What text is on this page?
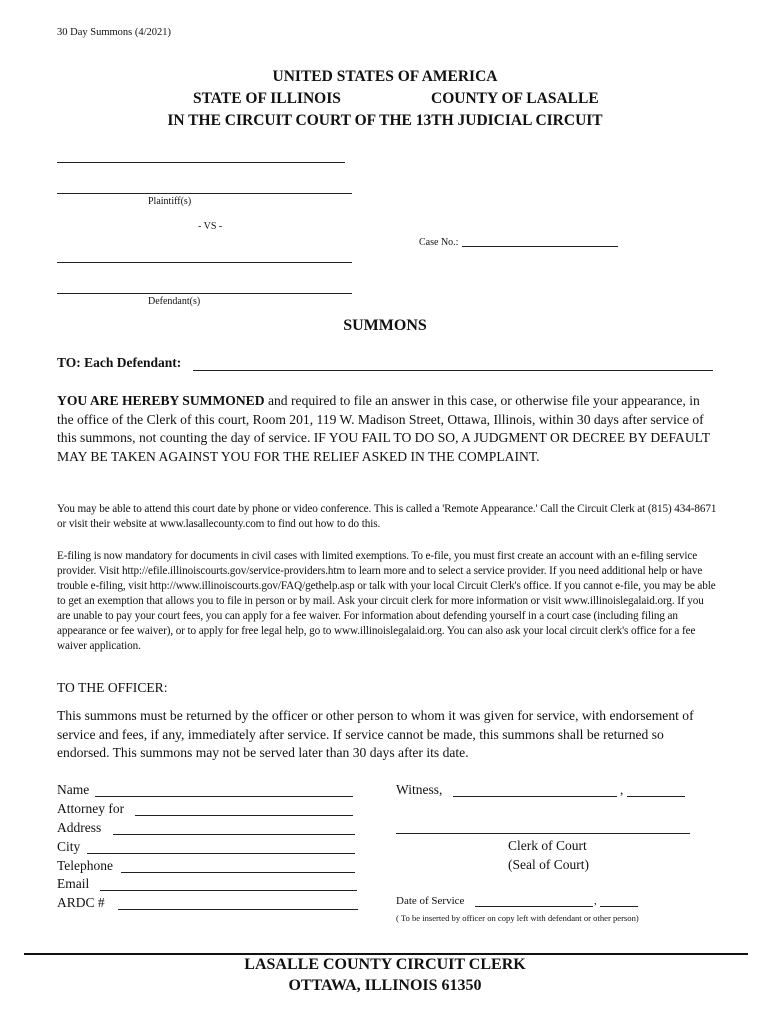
30 Day Summons (4/2021)
UNITED STATES OF AMERICA
STATE OF ILLINOIS	COUNTY OF LASALLE
IN THE CIRCUIT COURT OF THE 13TH JUDICIAL CIRCUIT
Plaintiff(s)
- VS -
Case No.:
Defendant(s)
SUMMONS
TO: Each Defendant:
YOU ARE HEREBY SUMMONED and required to file an answer in this case, or otherwise file your appearance, in the office of the Clerk of this court, Room 201, 119 W. Madison Street, Ottawa, Illinois, within 30 days after service of this summons, not counting the day of service. IF YOU FAIL TO DO SO, A JUDGMENT OR DECREE BY DEFAULT MAY BE TAKEN AGAINST YOU FOR THE RELIEF ASKED IN THE COMPLAINT.
You may be able to attend this court date by phone or video conference. This is called a 'Remote Appearance.' Call the Circuit Clerk at (815) 434-8671 or visit their website at www.lasallecounty.com to find out how to do this.
E-filing is now mandatory for documents in civil cases with limited exemptions. To e-file, you must first create an account with an e-filing service provider. Visit http://efile.illinoiscourts.gov/service-providers.htm to learn more and to select a service provider. If you need additional help or have trouble e-filing, visit http://www.illinoiscourts.gov/FAQ/gethelp.asp or talk with your local Circuit Clerk's office. If you cannot e-file, you may be able to get an exemption that allows you to file in person or by mail. Ask your circuit clerk for more information or visit www.illinoislegalaid.org. If you are unable to pay your court fees, you can apply for a fee waiver. For information about defending yourself in a court case (including filing an appearance or fee waiver), or to apply for free legal help, go to www.illinoislegalaid.org. You can also ask your local circuit clerk's office for a fee waiver application.
TO THE OFFICER:
This summons must be returned by the officer or other person to whom it was given for service, with endorsement of service and fees, if any, immediately after service. If service cannot be made, this summons shall be returned so endorsed. This summons may not be served later than 30 days after its date.
Name
Attorney for
Address
City
Telephone
Email
ARDC #
Witness,	,
Clerk of Court
(Seal of Court)
Date of Service	,
( To be inserted by officer on copy left with defendant or other person)
LASALLE COUNTY CIRCUIT CLERK
OTTAWA, ILLINOIS 61350
